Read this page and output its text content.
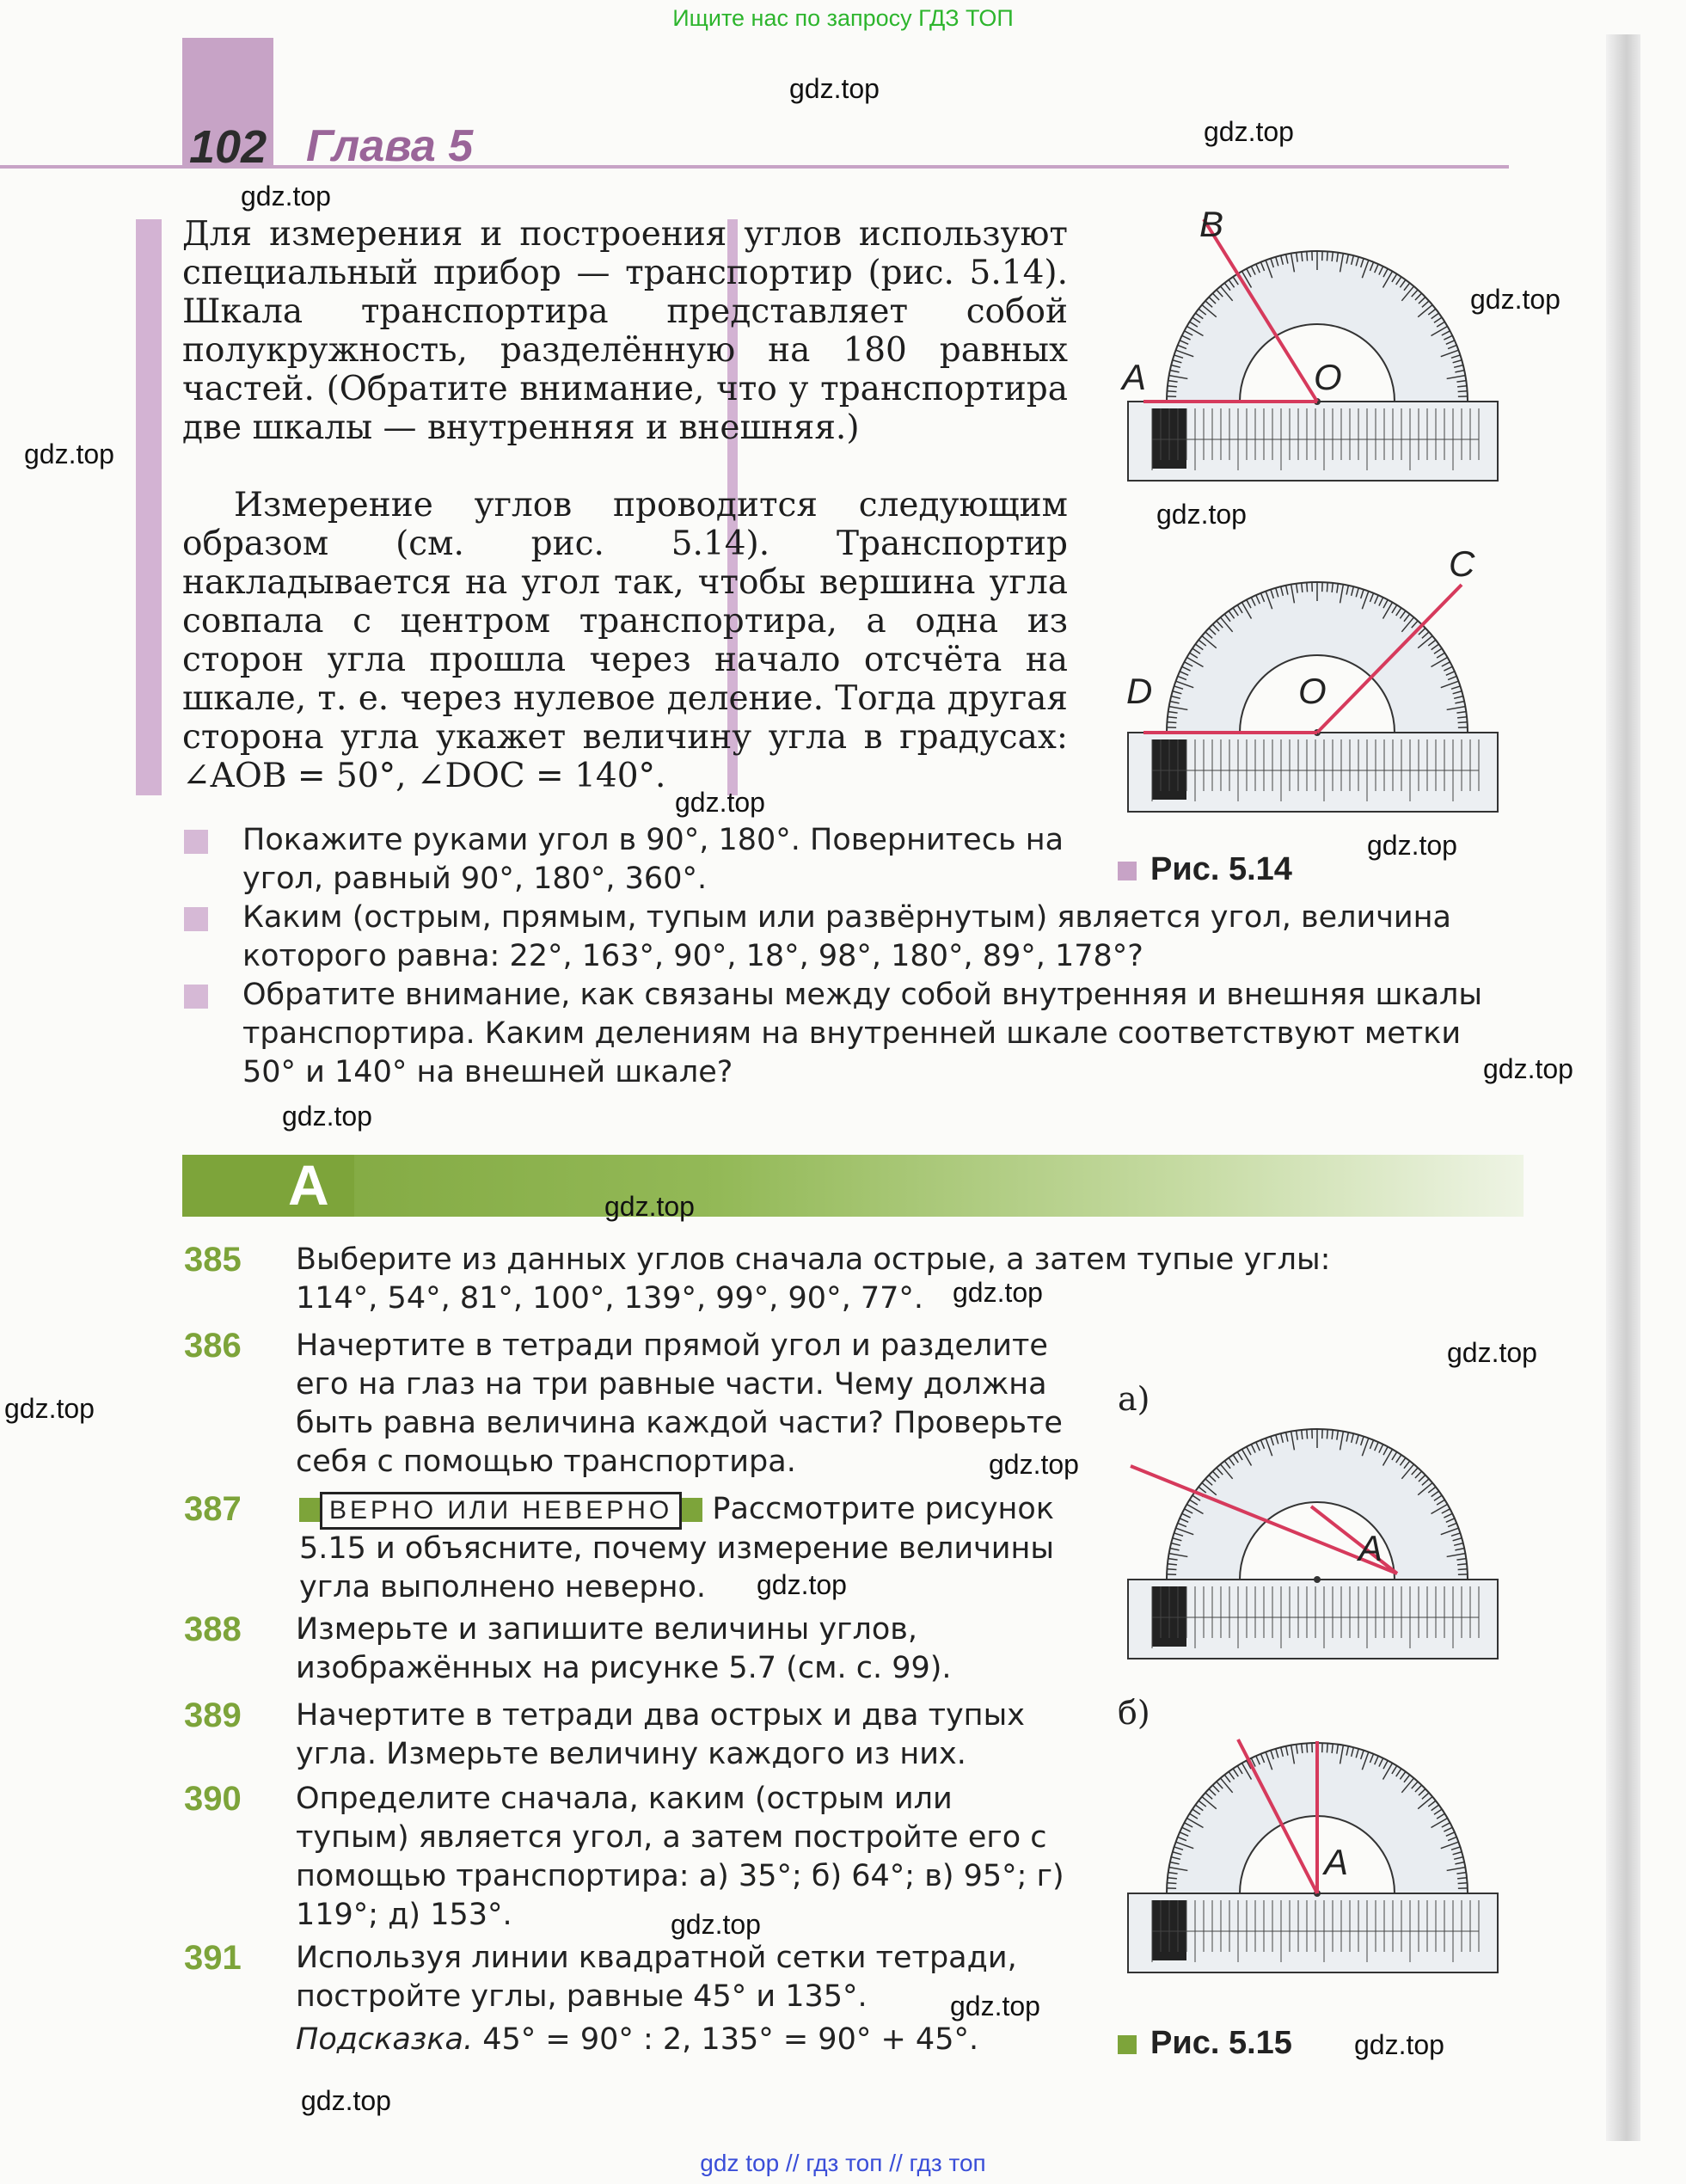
Ищите нас по запросу ГДЗ ТОП
102 Глава 5
Для измерения и построения углов используют специальный прибор — транспортир (рис. 5.14). Шкала транспортира представляет собой полукружность, разделённую на 180 равных частей. (Обратите внимание, что у транспортира две шкалы — внутренняя и внешняя.)
Измерение углов проводится следующим образом (см. рис. 5.14). Транспортир накладывается на угол так, чтобы вершина угла совпала с центром транспортира, а одна из сторон угла прошла через начало отсчёта на шкале, т. е. через нулевое деление. Тогда другая сторона угла укажет величину угла в градусах: ∠AOB = 50°, ∠DOC = 140°.
Покажите руками угол в 90°, 180°. Повернитесь на угол, равный 90°, 180°, 360°.
Каким (острым, прямым, тупым или развёрнутым) является угол, величина которого равна: 22°, 163°, 90°, 18°, 98°, 180°, 89°, 178°?
Обратите внимание, как связаны между собой внутренняя и внешняя шкалы транспортира. Каким делениям на внутренней шкале соответствуют метки 50° и 140° на внешней шкале?
A
385 Выберите из данных углов сначала острые, а затем тупые углы: 114°, 54°, 81°, 100°, 139°, 99°, 90°, 77°.
386 Начертите в тетради прямой угол и разделите его на глаз на три равные части. Чему должна быть равна величина каждой части? Проверьте себя с помощью транспортира.
387	ВЕРНО ИЛИ НЕВЕРНО Рассмотрите рисунок
5.15 и объясните, почему измерение величины угла выполнено неверно.
388 Измерьте и запишите величины углов, изображённых на рисунке 5.7 (см. с. 99).
389 Начертите в тетради два острых и два тупых угла. Измерьте величину каждого из них.
390 Определите сначала, каким (острым или тупым) является угол, а затем постройте его с помощью транспортира: а) 35°; б) 64°; в) 95°; г) 119°; д) 153°.
391 Используя линии квадратной сетки тетради, постройте углы, равные 45° и 135°.
Подсказка. 45° = 90° : 2, 135° = 90° + 45°.
B
A	O
C
D	O
Рис. 5.14
а)
A
б)
A
Рис. 5.15
gdz.top
gdz.top
gdz.top
gdz.top
gdz.top
gdz.top
gdz.top
gdz.top
gdz.top
gdz.top
gdz.top
gdz.top
gdz.top
gdz.top
gdz.top
gdz.top
gdz.top
gdz.top
gdz.top
gdz.top
gdz top // гдз топ // гдз топ
